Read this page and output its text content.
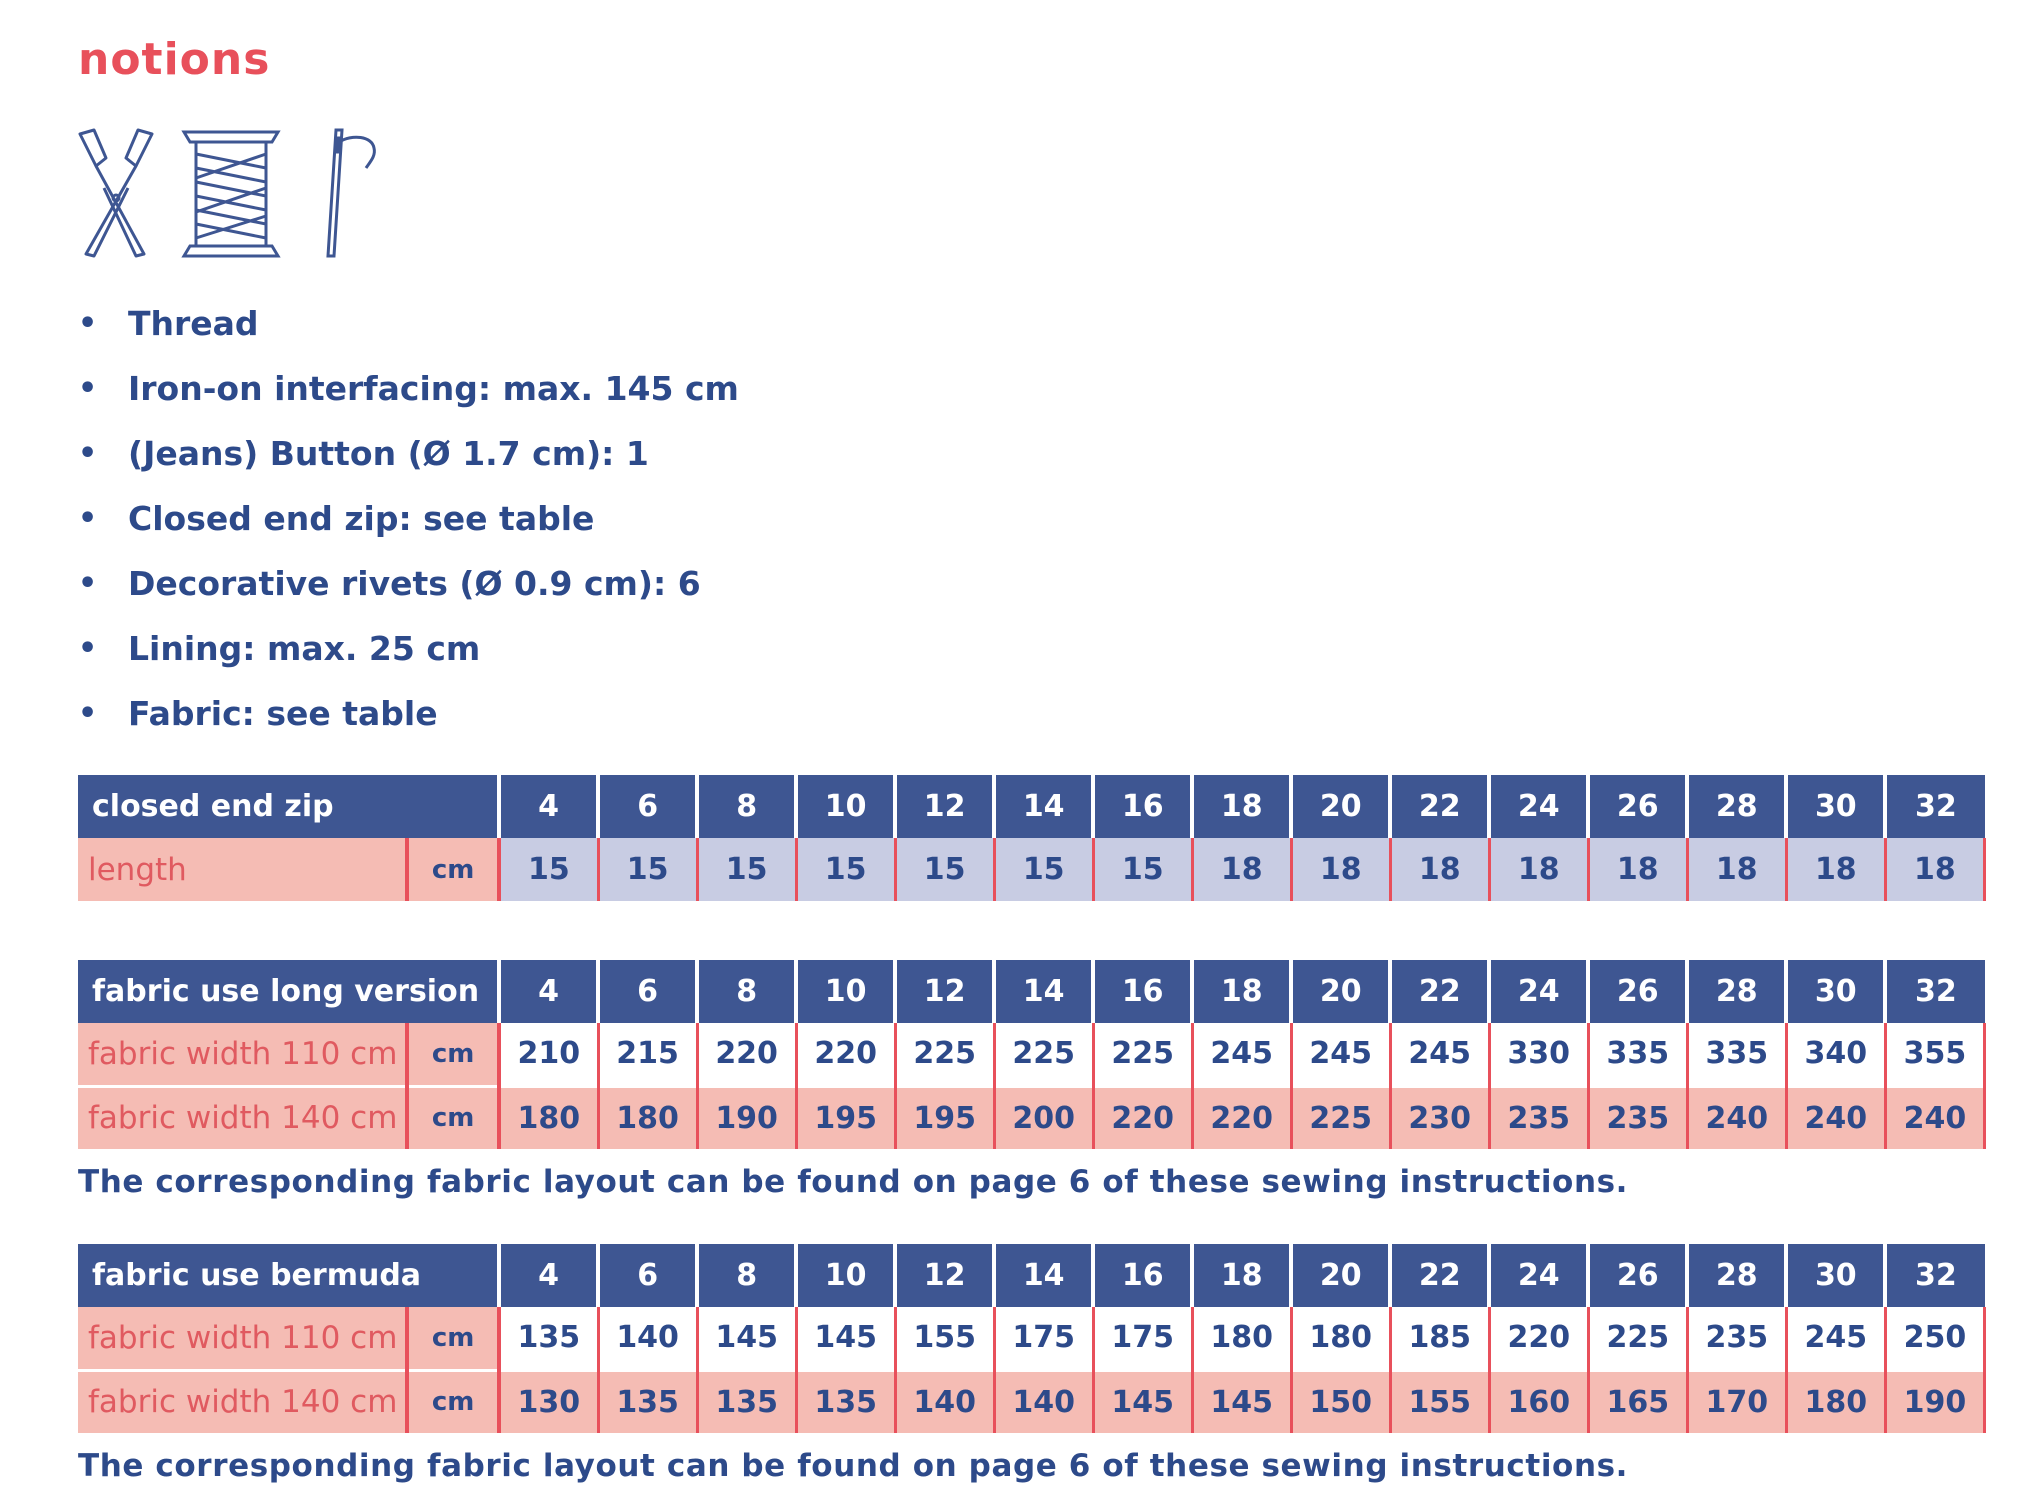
notions
• Thread
• Iron-on interfacing: max. 145 cm
• (Jeans) Button (Ø 1.7 cm): 1
• Closed end zip: see table
• Decorative rivets (Ø 0.9 cm): 6
• Lining: max. 25 cm
• Fabric: see table
closed end zip		4	6	8	10	12	14	16	18	20	22	24	26	28	30	32
length	cm	15	15	15	15	15	15	15	18	18	18	18	18	18	18	18
fabric use long version		4	6	8	10	12	14	16	18	20	22	24	26	28	30	32
fabric width 110 cm	cm	210	215	220	220	225	225	225	245	245	245	330	335	335	340	355
fabric width 140 cm	cm	180	180	190	195	195	200	220	220	225	230	235	235	240	240	240
The corresponding fabric layout can be found on page 6 of these sewing instructions.
fabric use bermuda		4	6	8	10	12	14	16	18	20	22	24	26	28	30	32
fabric width 110 cm	cm	135	140	145	145	155	175	175	180	180	185	220	225	235	245	250
fabric width 140 cm	cm	130	135	135	135	140	140	145	145	150	155	160	165	170	180	190
The corresponding fabric layout can be found on page 6 of these sewing instructions.
